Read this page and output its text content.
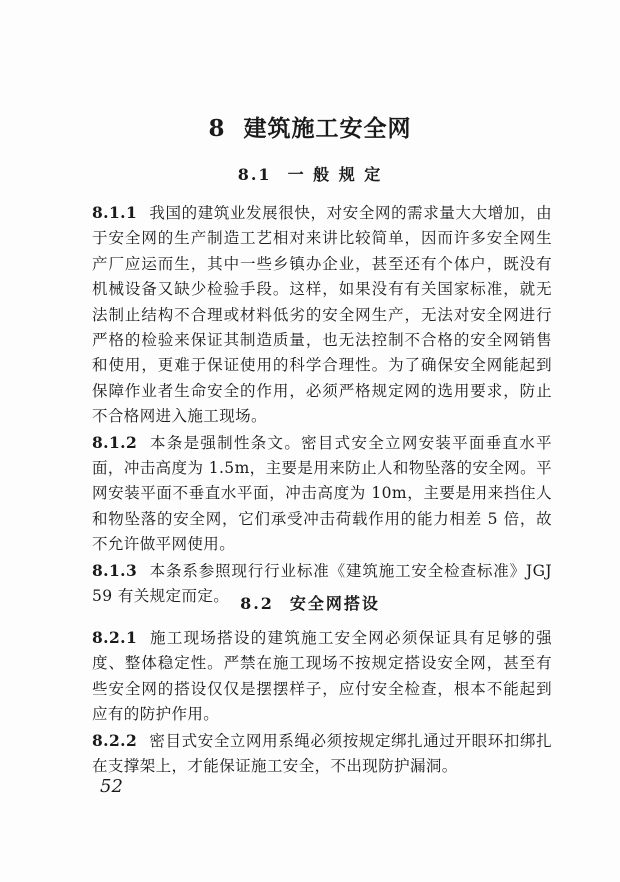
8 建筑施工安全网
8.1 一 般 规 定

8.1.1 我国的建筑业发展很快，对安全网的需求量大大增加，由于安全网的生产制造工艺相对来讲比较简单，因而许多安全网生产厂应运而生，其中一些乡镇办企业，甚至还有个体户，既没有机械设备又缺少检验手段。这样，如果没有有关国家标准，就无法制止结构不合理或材料低劣的安全网生产，无法对安全网进行严格的检验来保证其制造质量，也无法控制不合格的安全网销售和使用，更难于保证使用的科学合理性。为了确保安全网能起到保障作业者生命安全的作用，必须严格规定网的选用要求，防止不合格网进入施工现场。

8.1.2 本条是强制性条文。密目式安全立网安装平面垂直水平面，冲击高度为 1.5m，主要是用来防止人和物坠落的安全网。平网安装平面不垂直水平面，冲击高度为 10m，主要是用来挡住人和物坠落的安全网，它们承受冲击荷载作用的能力相差 5 倍，故不允许做平网使用。

8.1.3 本条系参照现行行业标准《建筑施工安全检查标准》JGJ 59 有关规定而定。 8.2 安全网搭设

8.2.1 施工现场搭设的建筑施工安全网必须保证具有足够的强度、整体稳定性。严禁在施工现场不按规定搭设安全网，甚至有些安全网的搭设仅仅是摆摆样子，应付安全检查，根本不能起到应有的防护作用。

8.2.2 密目式安全立网用系绳必须按规定绑扎通过开眼环扣绑扎在支撑架上，才能保证施工安全，不出现防护漏洞。

52
